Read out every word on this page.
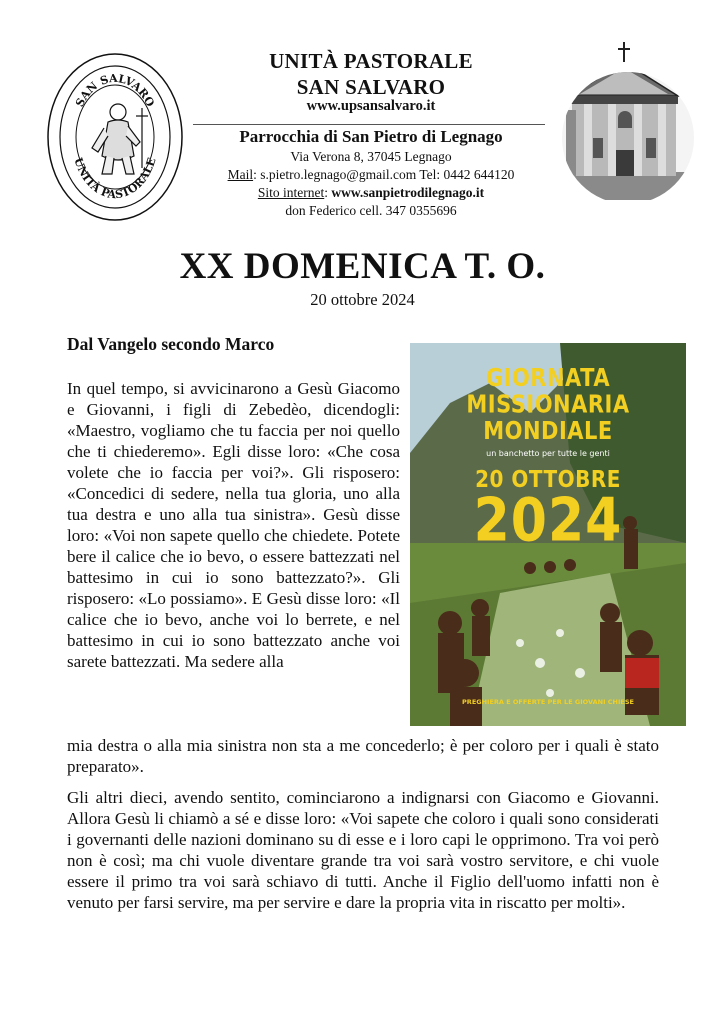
SAN SALVARO
UNITÀ PASTORALE
UNITÀ PASTORALE
SAN SALVARO
www.upsansalvaro.it
Parrocchia di San Pietro di Legnago
Via Verona 8, 37045 Legnago
Mail: s.pietro.legnago@gmail.com Tel: 0442 644120
Sito internet: www.sanpietrodilegnago.it
don Federico cell. 347 0355696
XX DOMENICA T. O.
20 ottobre 2024
Dal Vangelo secondo Marco
In quel tempo, si avvicinarono a Gesù Giacomo e Giovanni, i figli di Zebedèo, dicendogli: «Maestro, vogliamo che tu faccia per noi quello che ti chiederemo». Egli disse loro: «Che cosa volete che io faccia per voi?». Gli risposero: «Concedici di sedere, nella tua gloria, uno alla tua destra e uno alla tua sinistra». Gesù disse loro: «Voi non sapete quello che chiedete. Potete bere il calice che io bevo, o essere battezzati nel battesimo in cui io sono battezzato?». Gli risposero: «Lo possiamo». E Gesù disse loro: «Il calice che io bevo, anche voi lo berrete, e nel battesimo in cui io sono battezzato anche voi sarete battezzati. Ma sedere alla
mia destra o alla mia sinistra non sta a me concederlo; è per coloro per i quali è stato preparato».
Gli altri dieci, avendo sentito, cominciarono a indignarsi con Giacomo e Giovanni. Allora Gesù li chiamò a sé e disse loro: «Voi sapete che coloro i quali sono considerati i governanti delle nazioni dominano su di esse e i loro capi le opprimono. Tra voi però non è così; ma chi vuole diventare grande tra voi sarà vostro servitore, e chi vuole essere il primo tra voi sarà schiavo di tutti. Anche il Figlio dell'uomo infatti non è venuto per farsi servire, ma per servire e dare la propria vita in riscatto per molti».
GIORNATA
MISSIONARIA
MONDIALE
un banchetto per tutte le genti
20 OTTOBRE
2024
PREGHIERA E OFFERTE PER LE GIOVANI CHIESE
